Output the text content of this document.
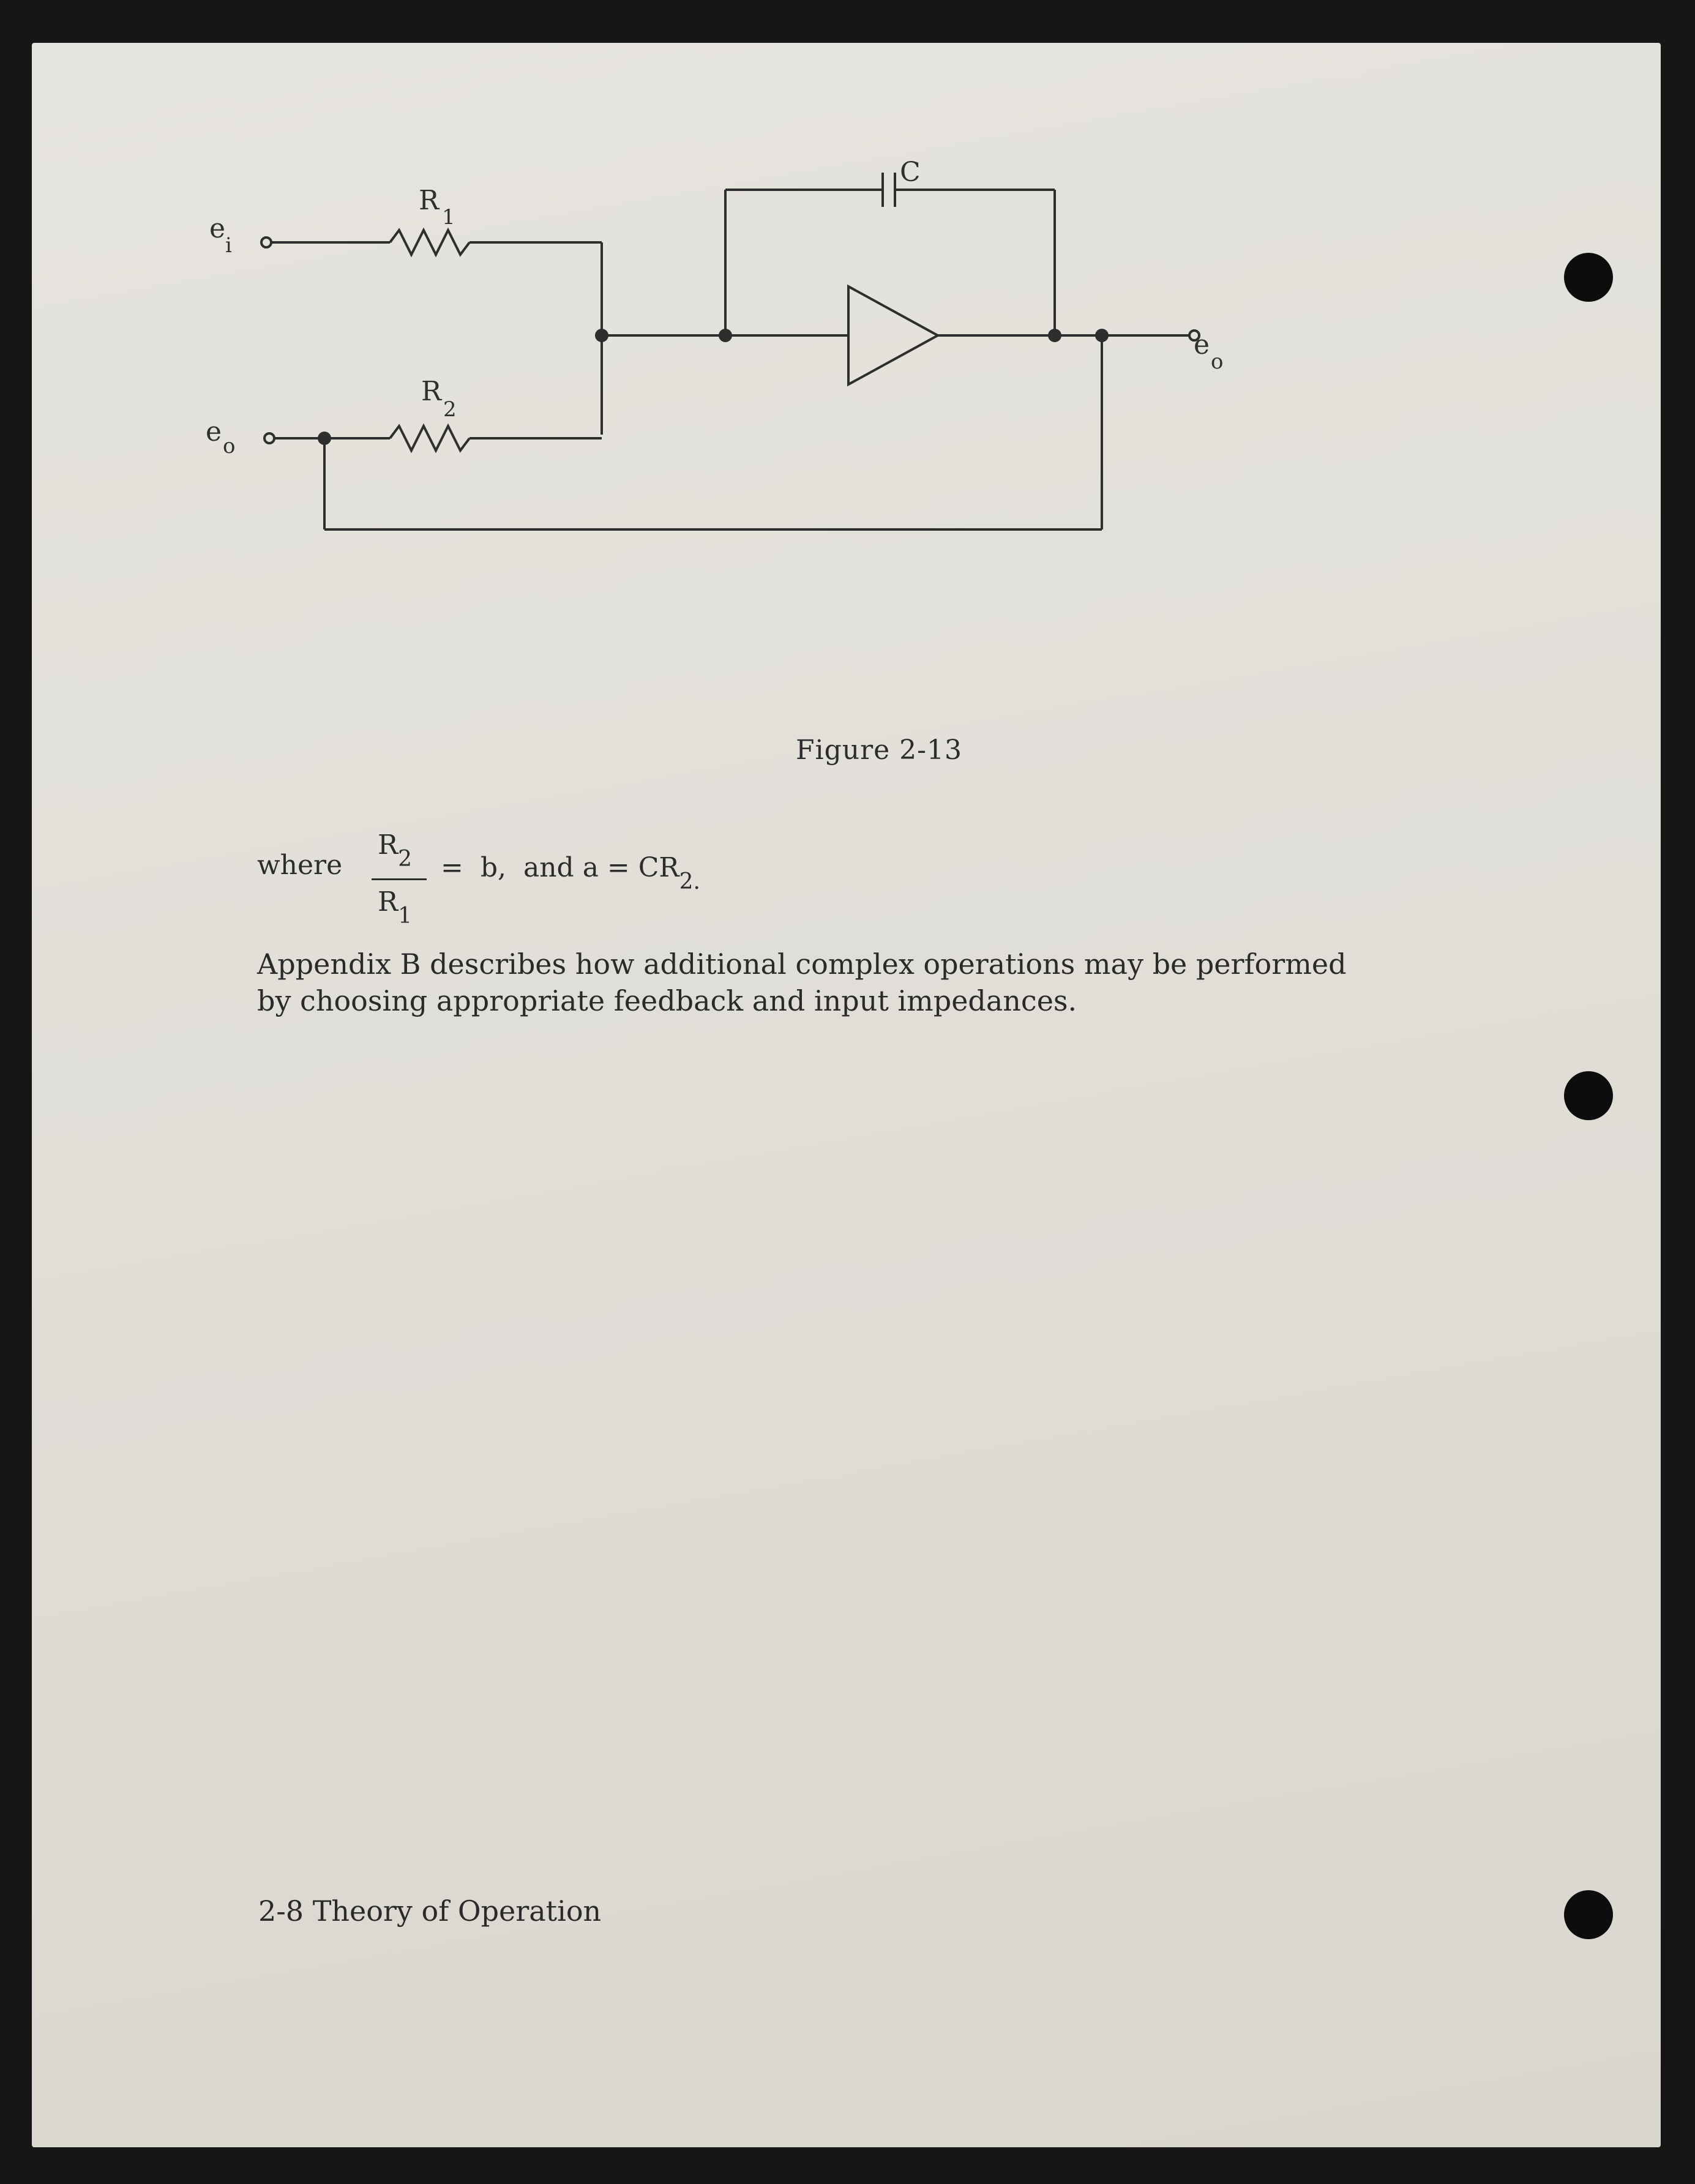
e
i
e o
e
o
R
1
R
2
C
Figure 2-13
where
$R_2$
$R_1$
=  b,  and $a = CR_{2.}$
Appendix B describes how additional complex operations may be performed by choosing appropriate feedback and input impedances.
2-8 Theory of Operation
